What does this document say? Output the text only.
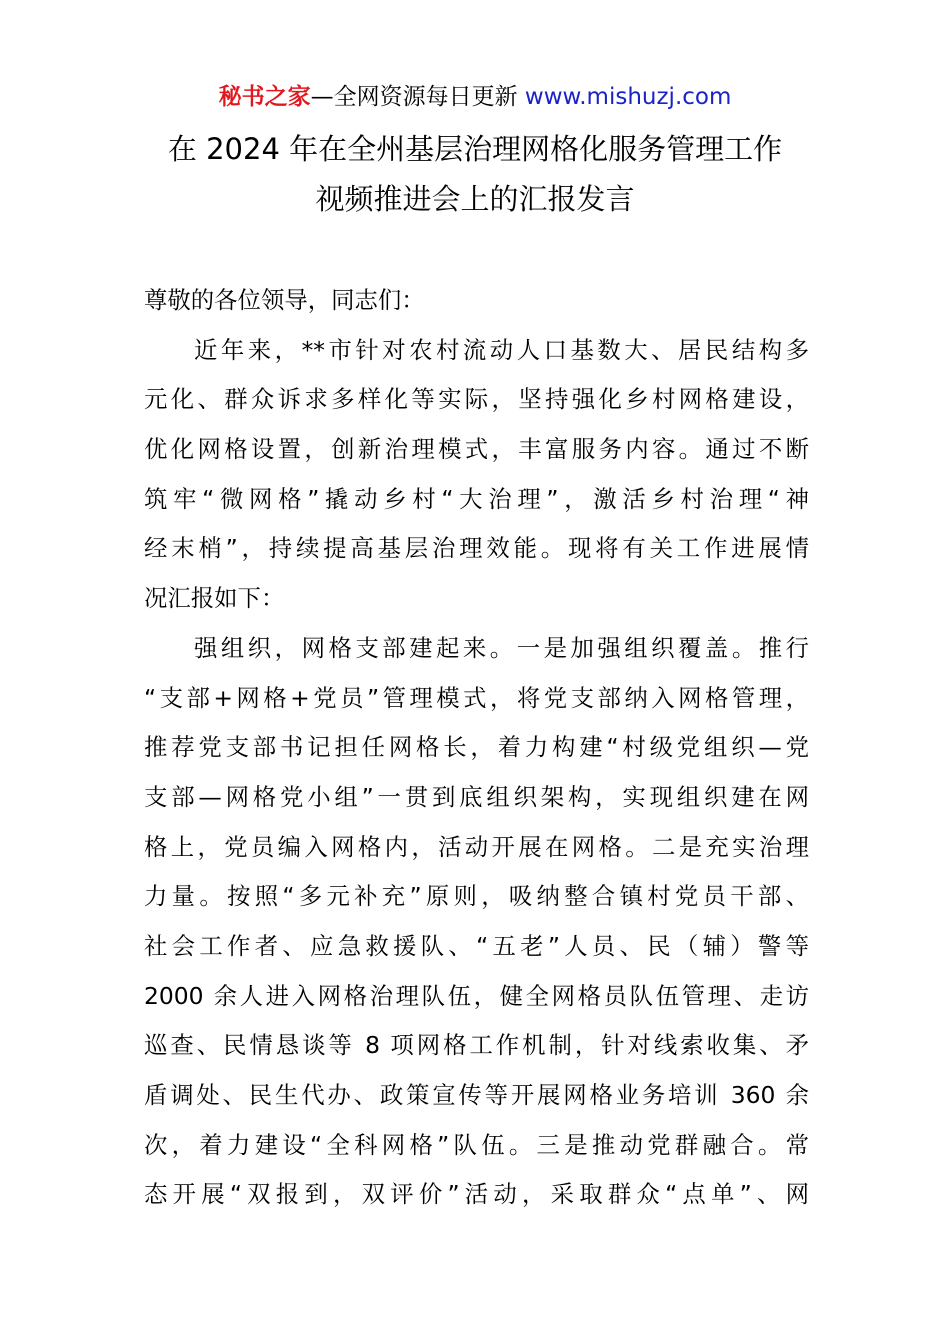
秘书之家—全网资源每日更新 www.mishuzj.com
在 2024 年在全州基层治理网格化服务管理工作
视频推进会上的汇报发言
尊敬的各位领导，同志们：
近年来，**市针对农村流动人口基数大、居民结构多
元化、群众诉求多样化等实际，坚持强化乡村网格建设，
优化网格设置，创新治理模式，丰富服务内容。通过不断
筑牢“微网格”撬动乡村“大治理”，激活乡村治理“神
经末梢”，持续提高基层治理效能。现将有关工作进展情
况汇报如下：
强组织，网格支部建起来。一是加强组织覆盖。推行
“支部+网格+党员”管理模式，将党支部纳入网格管理，
推荐党支部书记担任网格长，着力构建“村级党组织—党
支部—网格党小组”一贯到底组织架构，实现组织建在网
格上，党员编入网格内，活动开展在网格。二是充实治理
力量。按照“多元补充”原则，吸纳整合镇村党员干部、
社会工作者、应急救援队、“五老”人员、民（辅）警等
2000 余人进入网格治理队伍，健全网格员队伍管理、走访
巡查、民情恳谈等 8 项网格工作机制，针对线索收集、矛
盾调处、民生代办、政策宣传等开展网格业务培训 360 余
次，着力建设“全科网格”队伍。三是推动党群融合。常
态开展“双报到，双评价”活动，采取群众“点单”、网
